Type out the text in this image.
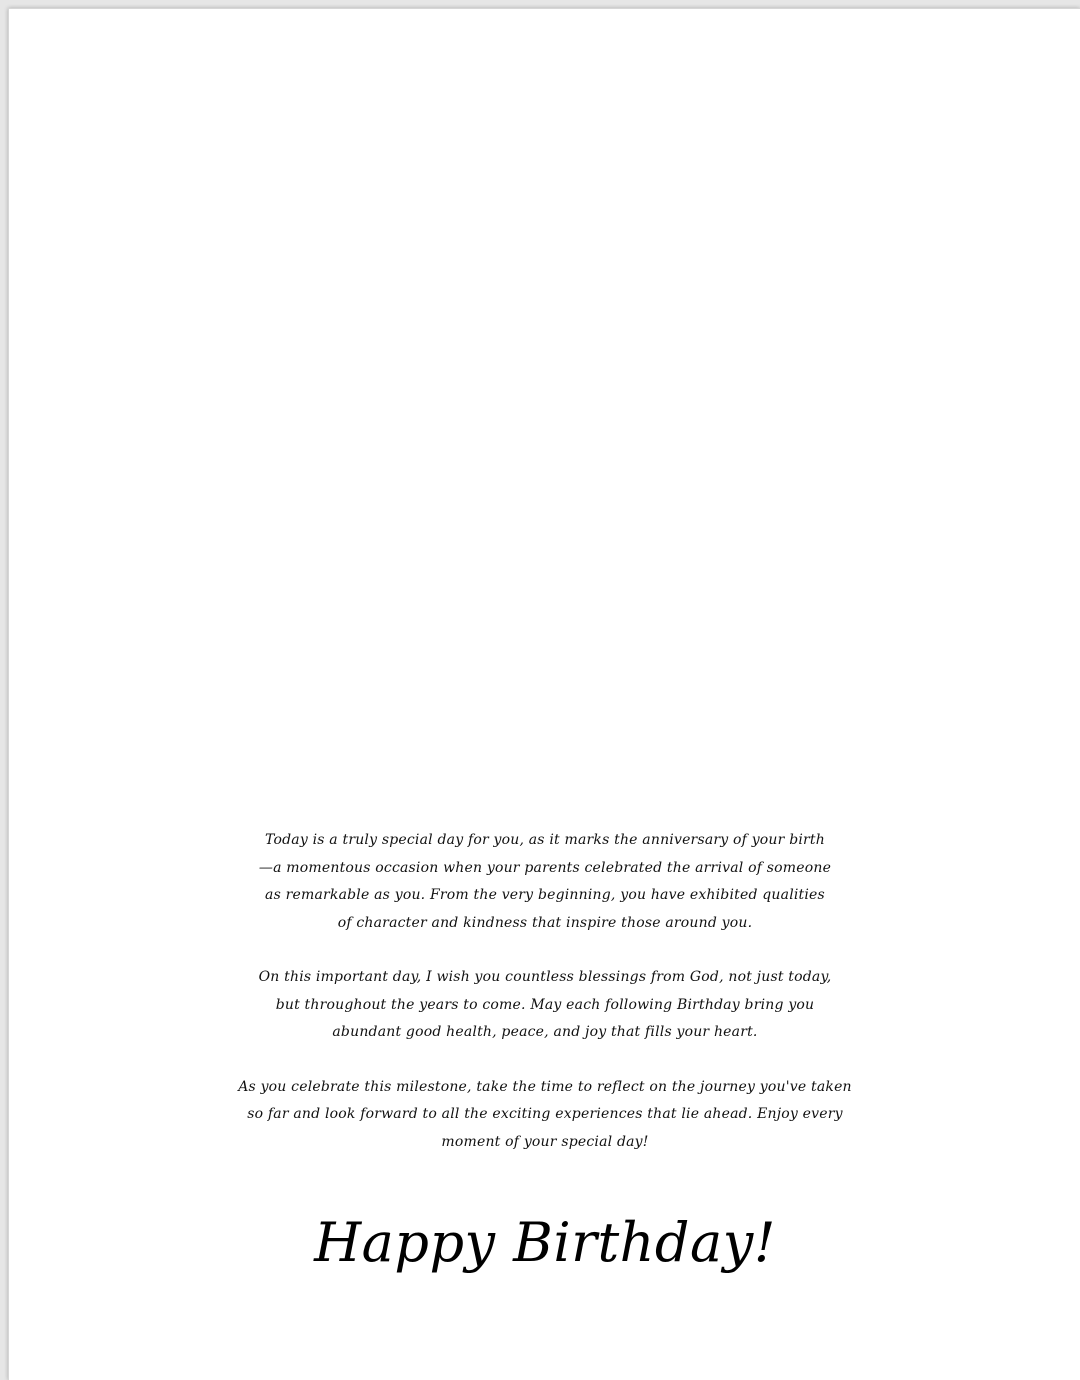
Today is a truly special day for you, as it marks the anniversary of your birth
—a momentous occasion when your parents celebrated the arrival of someone
as remarkable as you. From the very beginning, you have exhibited qualities
of character and kindness that inspire those around you.

On this important day, I wish you countless blessings from God, not just today,
but throughout the years to come. May each following Birthday bring you
abundant good health, peace, and joy that fills your heart.

As you celebrate this milestone, take the time to reflect on the journey you've taken
so far and look forward to all the exciting experiences that lie ahead. Enjoy every
moment of your special day!

Happy Birthday!
